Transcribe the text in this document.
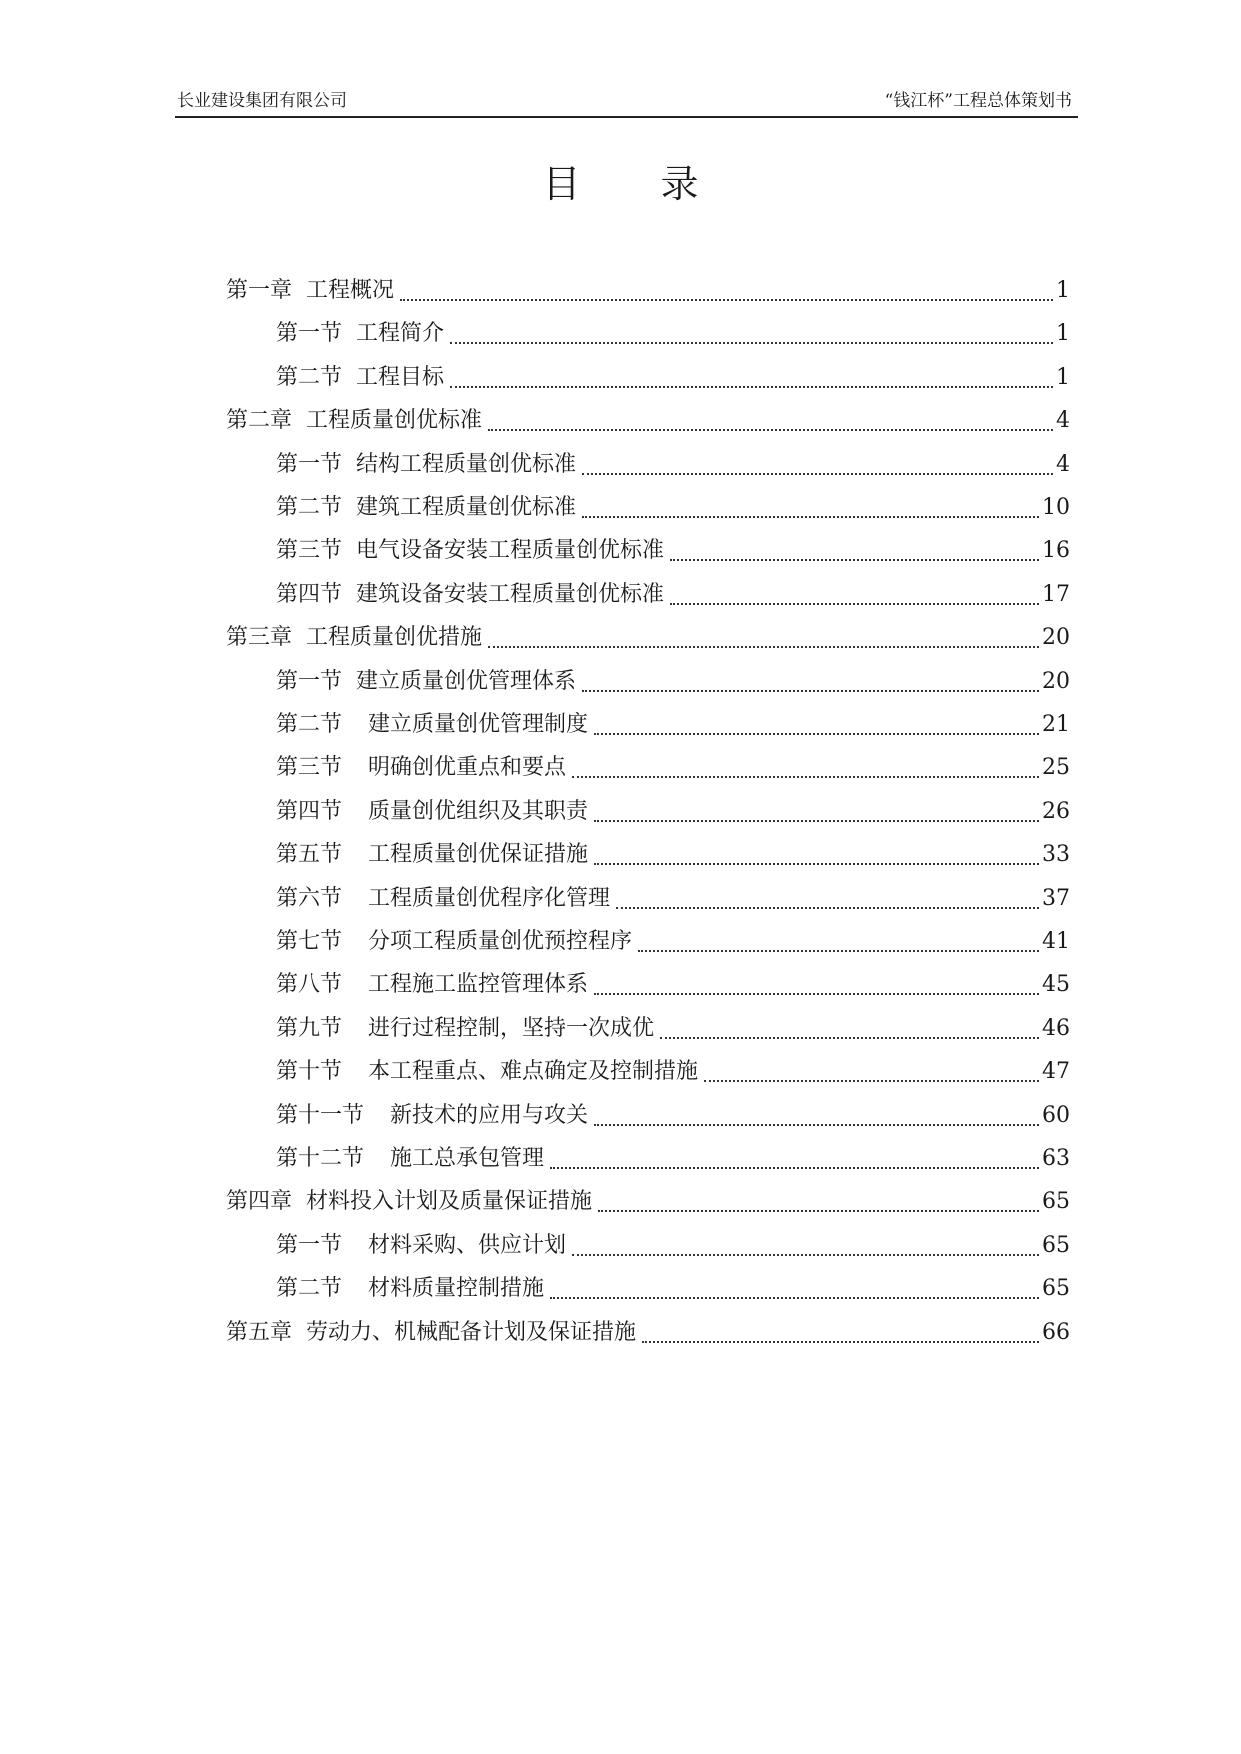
长业建设集团有限公司	“钱江杯”工程总体策划书
目 录
第一章 工程概况	1
第一节 工程简介	1
第二节 工程目标	1
第二章 工程质量创优标准	4
第一节 结构工程质量创优标准	4
第二节 建筑工程质量创优标准	10
第三节 电气设备安装工程质量创优标准	16
第四节 建筑设备安装工程质量创优标准	17
第三章 工程质量创优措施	20
第一节 建立质量创优管理体系	20
第二节 建立质量创优管理制度	21
第三节 明确创优重点和要点	25
第四节 质量创优组织及其职责	26
第五节 工程质量创优保证措施	33
第六节 工程质量创优程序化管理	37
第七节 分项工程质量创优预控程序	41
第八节 工程施工监控管理体系	45
第九节 进行过程控制，坚持一次成优	46
第十节 本工程重点、难点确定及控制措施	47
第十一节 新技术的应用与攻关	60
第十二节 施工总承包管理	63
第四章 材料投入计划及质量保证措施	65
第一节 材料采购、供应计划	65
第二节 材料质量控制措施	65
第五章 劳动力、机械配备计划及保证措施	66
